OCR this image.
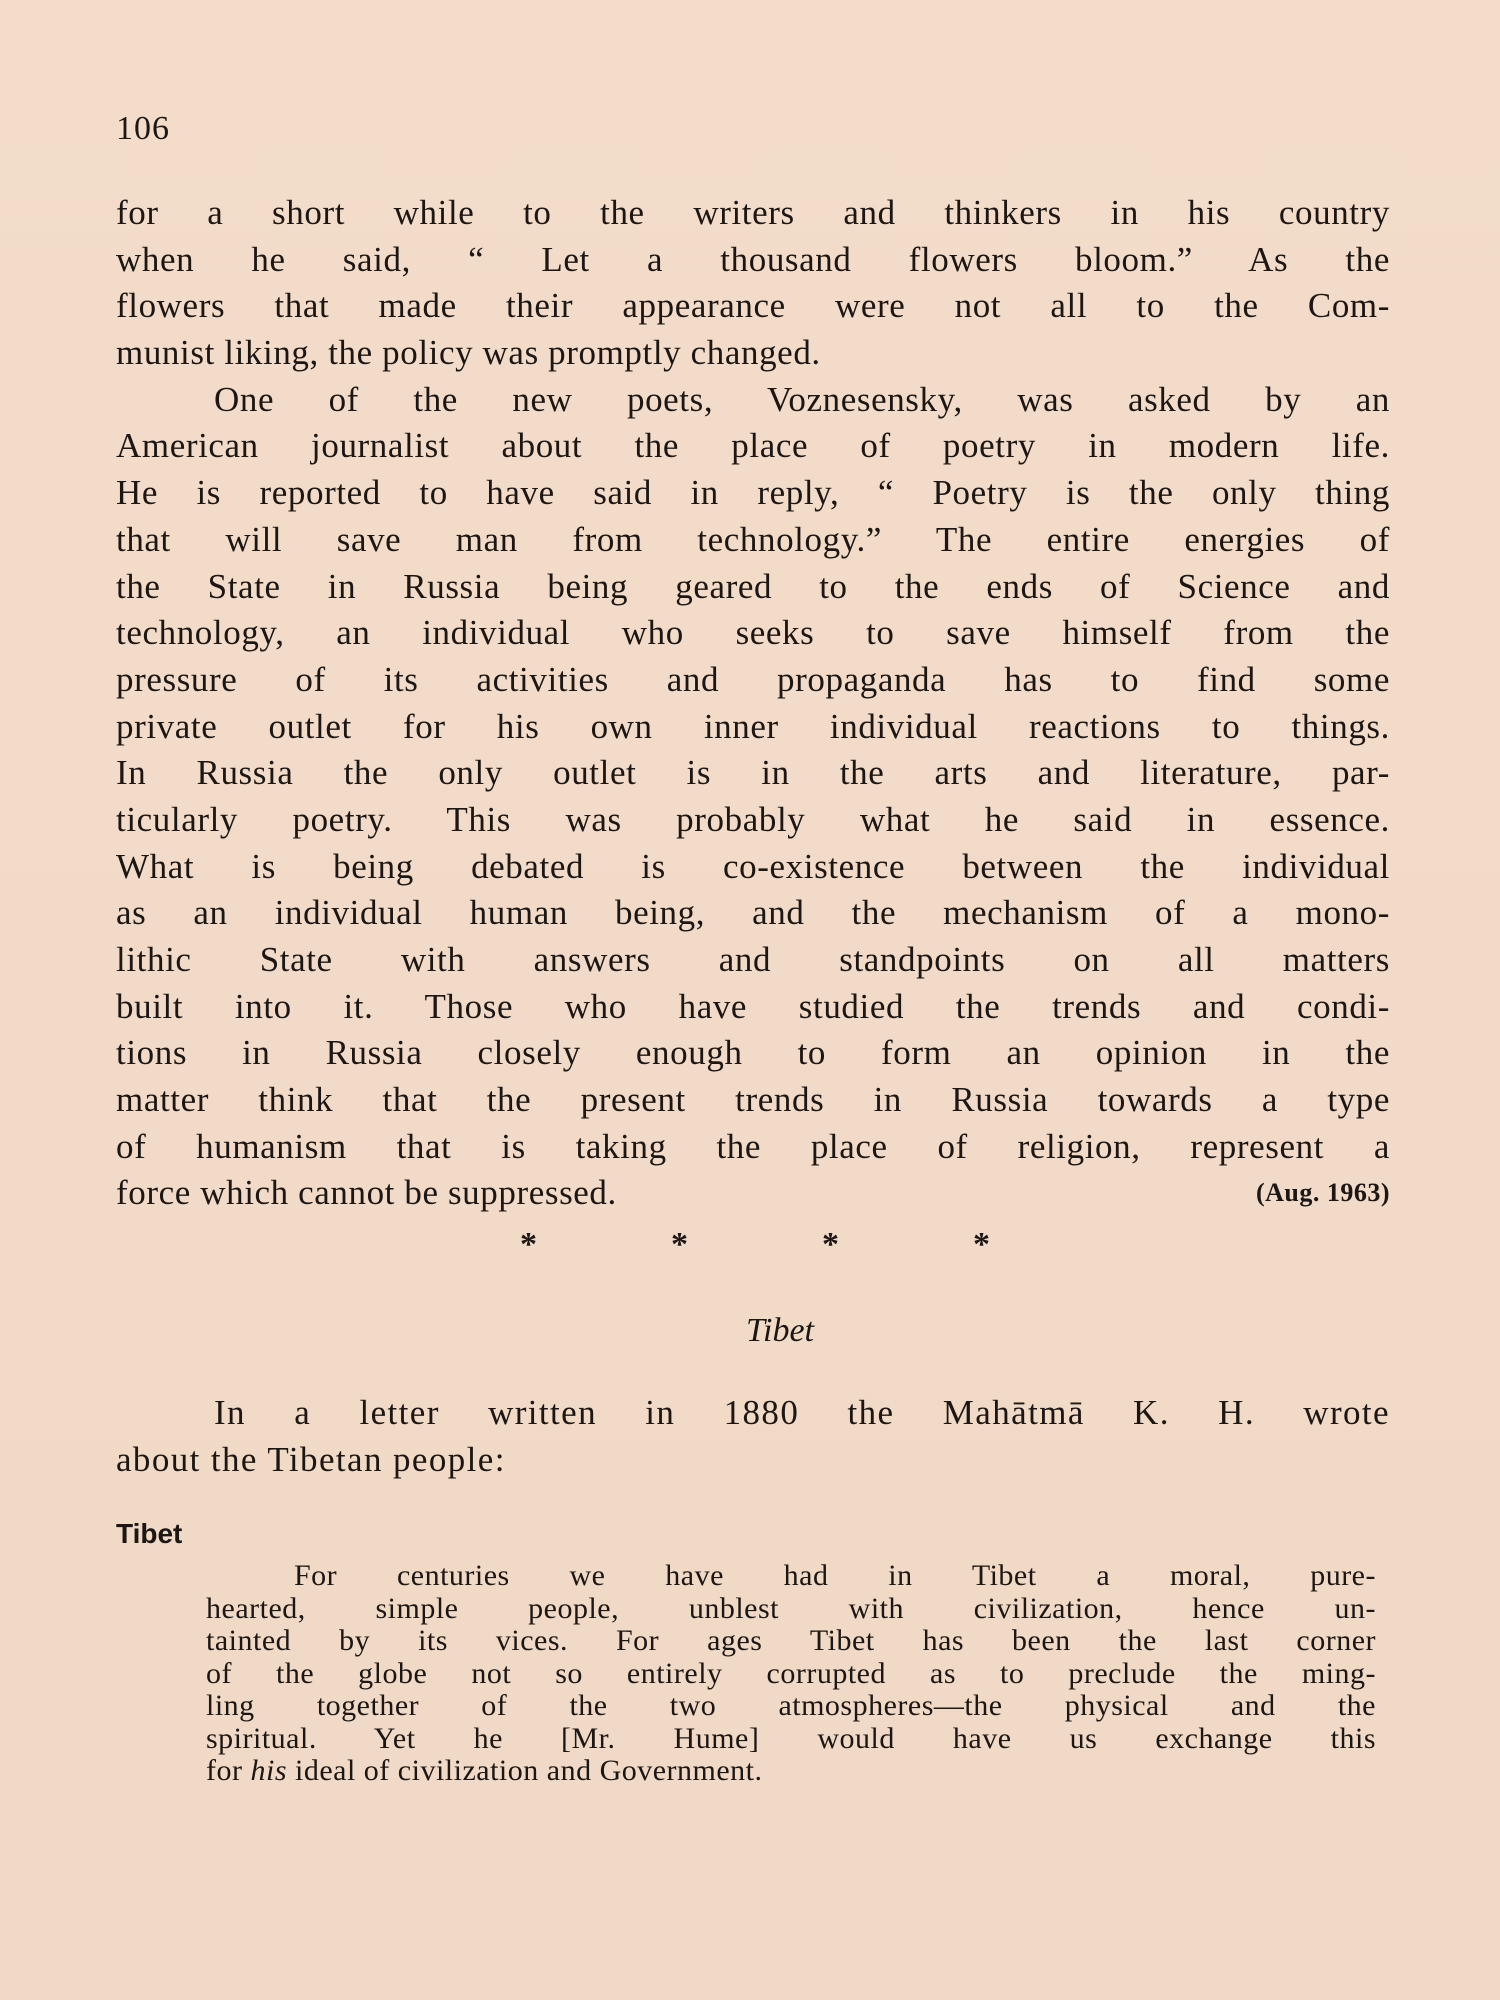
106
for a short while to the writers and thinkers in his country
when he said, “ Let a thousand flowers bloom.” As the
flowers that made their appearance were not all to the Com-
munist liking, the policy was promptly changed.
One of the new poets, Voznesensky, was asked by an
American journalist about the place of poetry in modern life.
He is reported to have said in reply, “ Poetry is the only thing
that will save man from technology.” The entire energies of
the State in Russia being geared to the ends of Science and
technology, an individual who seeks to save himself from the
pressure of its activities and propaganda has to find some
private outlet for his own inner individual reactions to things.
In Russia the only outlet is in the arts and literature, par-
ticularly poetry. This was probably what he said in essence.
What is being debated is co-existence between the individual
as an individual human being, and the mechanism of a mono-
lithic State with answers and standpoints on all matters
built into it. Those who have studied the trends and condi-
tions in Russia closely enough to form an opinion in the
matter think that the present trends in Russia towards a type
of humanism that is taking the place of religion, represent a
force which cannot be suppressed.	(Aug. 1963)
*	*	*	*
Tibet
In a letter written in 1880 the Mahātmā K. H. wrote
about the Tibetan people:
Tibet
For centuries we have had in Tibet a moral, pure-
hearted, simple people, unblest with civilization, hence un-
tainted by its vices. For ages Tibet has been the last corner
of the globe not so entirely corrupted as to preclude the ming-
ling together of the two atmospheres—the physical and the
spiritual. Yet he [Mr. Hume] would have us exchange this
for his ideal of civilization and Government.
